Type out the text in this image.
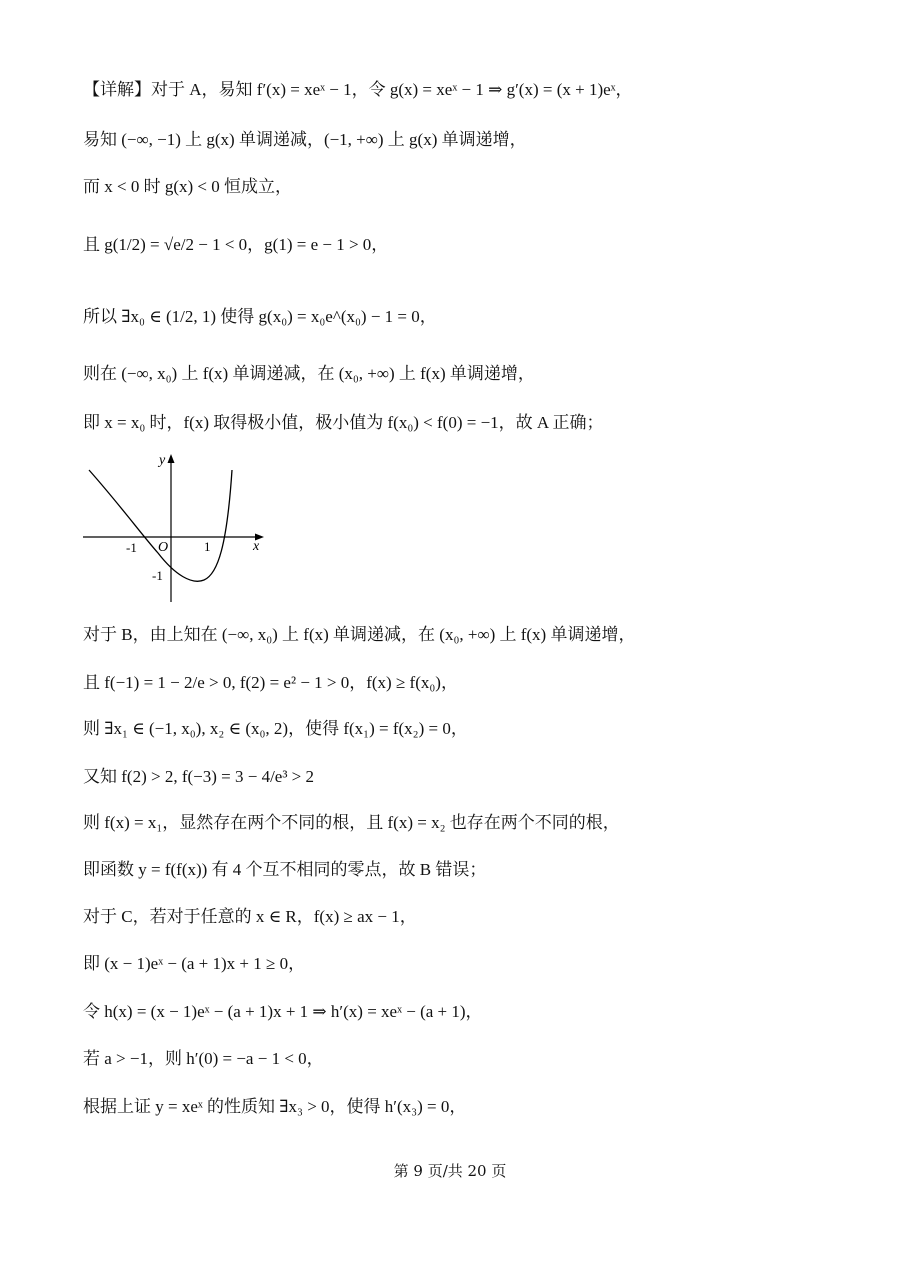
【详解】对于 A，易知 f′(x) = xeˣ − 1，令 g(x) = xeˣ − 1 ⇒ g′(x) = (x + 1)eˣ，
易知 (−∞, −1) 上 g(x) 单调递减，(−1, +∞) 上 g(x) 单调递增，
而 x < 0 时 g(x) < 0 恒成立，
且 g(1/2) = √e/2 − 1 < 0，g(1) = e − 1 > 0，
所以 ∃x₀ ∈ (1/2, 1) 使得 g(x₀) = x₀e^(x₀) − 1 = 0，
则在 (−∞, x₀) 上 f(x) 单调递减，在 (x₀, +∞) 上 f(x) 单调递增，
即 x = x₀ 时，f(x) 取得极小值，极小值为 f(x₀) < f(0) = −1，故 A 正确；
y
x
O
-1	1
-1
对于 B，由上知在 (−∞, x₀) 上 f(x) 单调递减，在 (x₀, +∞) 上 f(x) 单调递增，
且 f(−1) = 1 − 2/e > 0, f(2) = e² − 1 > 0，f(x) ≥ f(x₀)，
则 ∃x₁ ∈ (−1, x₀), x₂ ∈ (x₀, 2)，使得 f(x₁) = f(x₂) = 0，
又知 f(2) > 2, f(−3) = 3 − 4/e³ > 2
则 f(x) = x₁，显然存在两个不同的根，且 f(x) = x₂ 也存在两个不同的根，
即函数 y = f(f(x)) 有 4 个互不相同的零点，故 B 错误；
对于 C，若对于任意的 x ∈ R，f(x) ≥ ax − 1，
即 (x − 1)eˣ − (a + 1)x + 1 ≥ 0，
令 h(x) = (x − 1)eˣ − (a + 1)x + 1 ⇒ h′(x) = xeˣ − (a + 1)，
若 a > −1，则 h′(0) = −a − 1 < 0，
根据上证 y = xeˣ 的性质知 ∃x₃ > 0，使得 h′(x₃) = 0，
第 9 页/共 20 页
